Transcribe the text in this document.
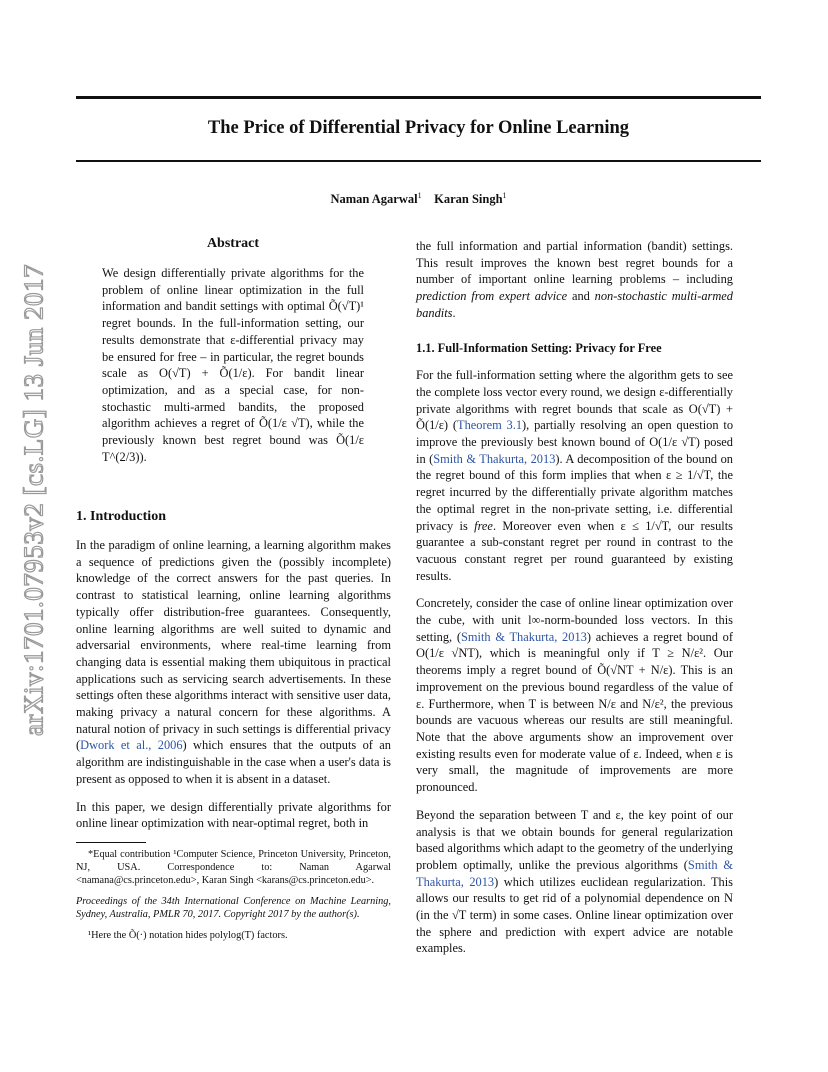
The Price of Differential Privacy for Online Learning
Naman Agarwal$^1$ Karan Singh$^1$
arXiv:1701.07953v2 [cs.LG] 13 Jun 2017
Abstract

We design differentially private algorithms for the problem of online linear optimization in the full information and bandit settings with optimal Õ(√T)¹ regret bounds. In the full-information setting, our results demonstrate that ε-differential privacy may be ensured for free – in particular, the regret bounds scale as O(√T) + Õ(1/ε). For bandit linear optimization, and as a special case, for non-stochastic multi-armed bandits, the proposed algorithm achieves a regret of Õ(1/ε √T), while the previously known best regret bound was Õ(1/ε T^(2/3)).

1. Introduction

In the paradigm of online learning, a learning algorithm makes a sequence of predictions given the (possibly incomplete) knowledge of the correct answers for the past queries. In contrast to statistical learning, online learning algorithms typically offer distribution-free guarantees. Consequently, online learning algorithms are well suited to dynamic and adversarial environments, where real-time learning from changing data is essential making them ubiquitous in practical applications such as servicing search advertisements. In these settings often these algorithms interact with sensitive user data, making privacy a natural concern for these algorithms. A natural notion of privacy in such settings is differential privacy (Dwork et al., 2006) which ensures that the outputs of an algorithm are indistinguishable in the case when a user's data is present as opposed to when it is absent in a dataset.

In this paper, we design differentially private algorithms for online linear optimization with near-optimal regret, both in

*Equal contribution ¹Computer Science, Princeton University, Princeton, NJ, USA. Correspondence to: Naman Agarwal <namana@cs.princeton.edu>, Karan Singh <karans@cs.princeton.edu>.

Proceedings of the 34th International Conference on Machine Learning, Sydney, Australia, PMLR 70, 2017. Copyright 2017 by the author(s).

¹Here the Õ(·) notation hides polylog(T) factors.

the full information and partial information (bandit) settings. This result improves the known best regret bounds for a number of important online learning problems – including prediction from expert advice and non-stochastic multi-armed bandits.

1.1. Full-Information Setting: Privacy for Free

For the full-information setting where the algorithm gets to see the complete loss vector every round, we design ε-differentially private algorithms with regret bounds that scale as O(√T) + Õ(1/ε) (Theorem 3.1), partially resolving an open question to improve the previously best known bound of O(1/ε √T) posed in (Smith & Thakurta, 2013). A decomposition of the bound on the regret bound of this form implies that when ε ≥ 1/√T, the regret incurred by the differentially private algorithm matches the optimal regret in the non-private setting, i.e. differential privacy is free. Moreover even when ε ≤ 1/√T, our results guarantee a sub-constant regret per round in contrast to the vacuous constant regret per round guaranteed by existing results.

Concretely, consider the case of online linear optimization over the cube, with unit l∞-norm-bounded loss vectors. In this setting, (Smith & Thakurta, 2013) achieves a regret bound of O(1/ε √NT), which is meaningful only if T ≥ N/ε². Our theorems imply a regret bound of Õ(√NT + N/ε). This is an improvement on the previous bound regardless of the value of ε. Furthermore, when T is between N/ε and N/ε², the previous bounds are vacuous whereas our results are still meaningful. Note that the above arguments show an improvement over existing results even for moderate value of ε. Indeed, when ε is very small, the magnitude of improvements are more pronounced.

Beyond the separation between T and ε, the key point of our analysis is that we obtain bounds for general regularization based algorithms which adapt to the geometry of the underlying problem optimally, unlike the previous algorithms (Smith & Thakurta, 2013) which utilizes euclidean regularization. This allows our results to get rid of a polynomial dependence on N (in the √T term) in some cases. Online linear optimization over the sphere and prediction with expert advice are notable examples.
